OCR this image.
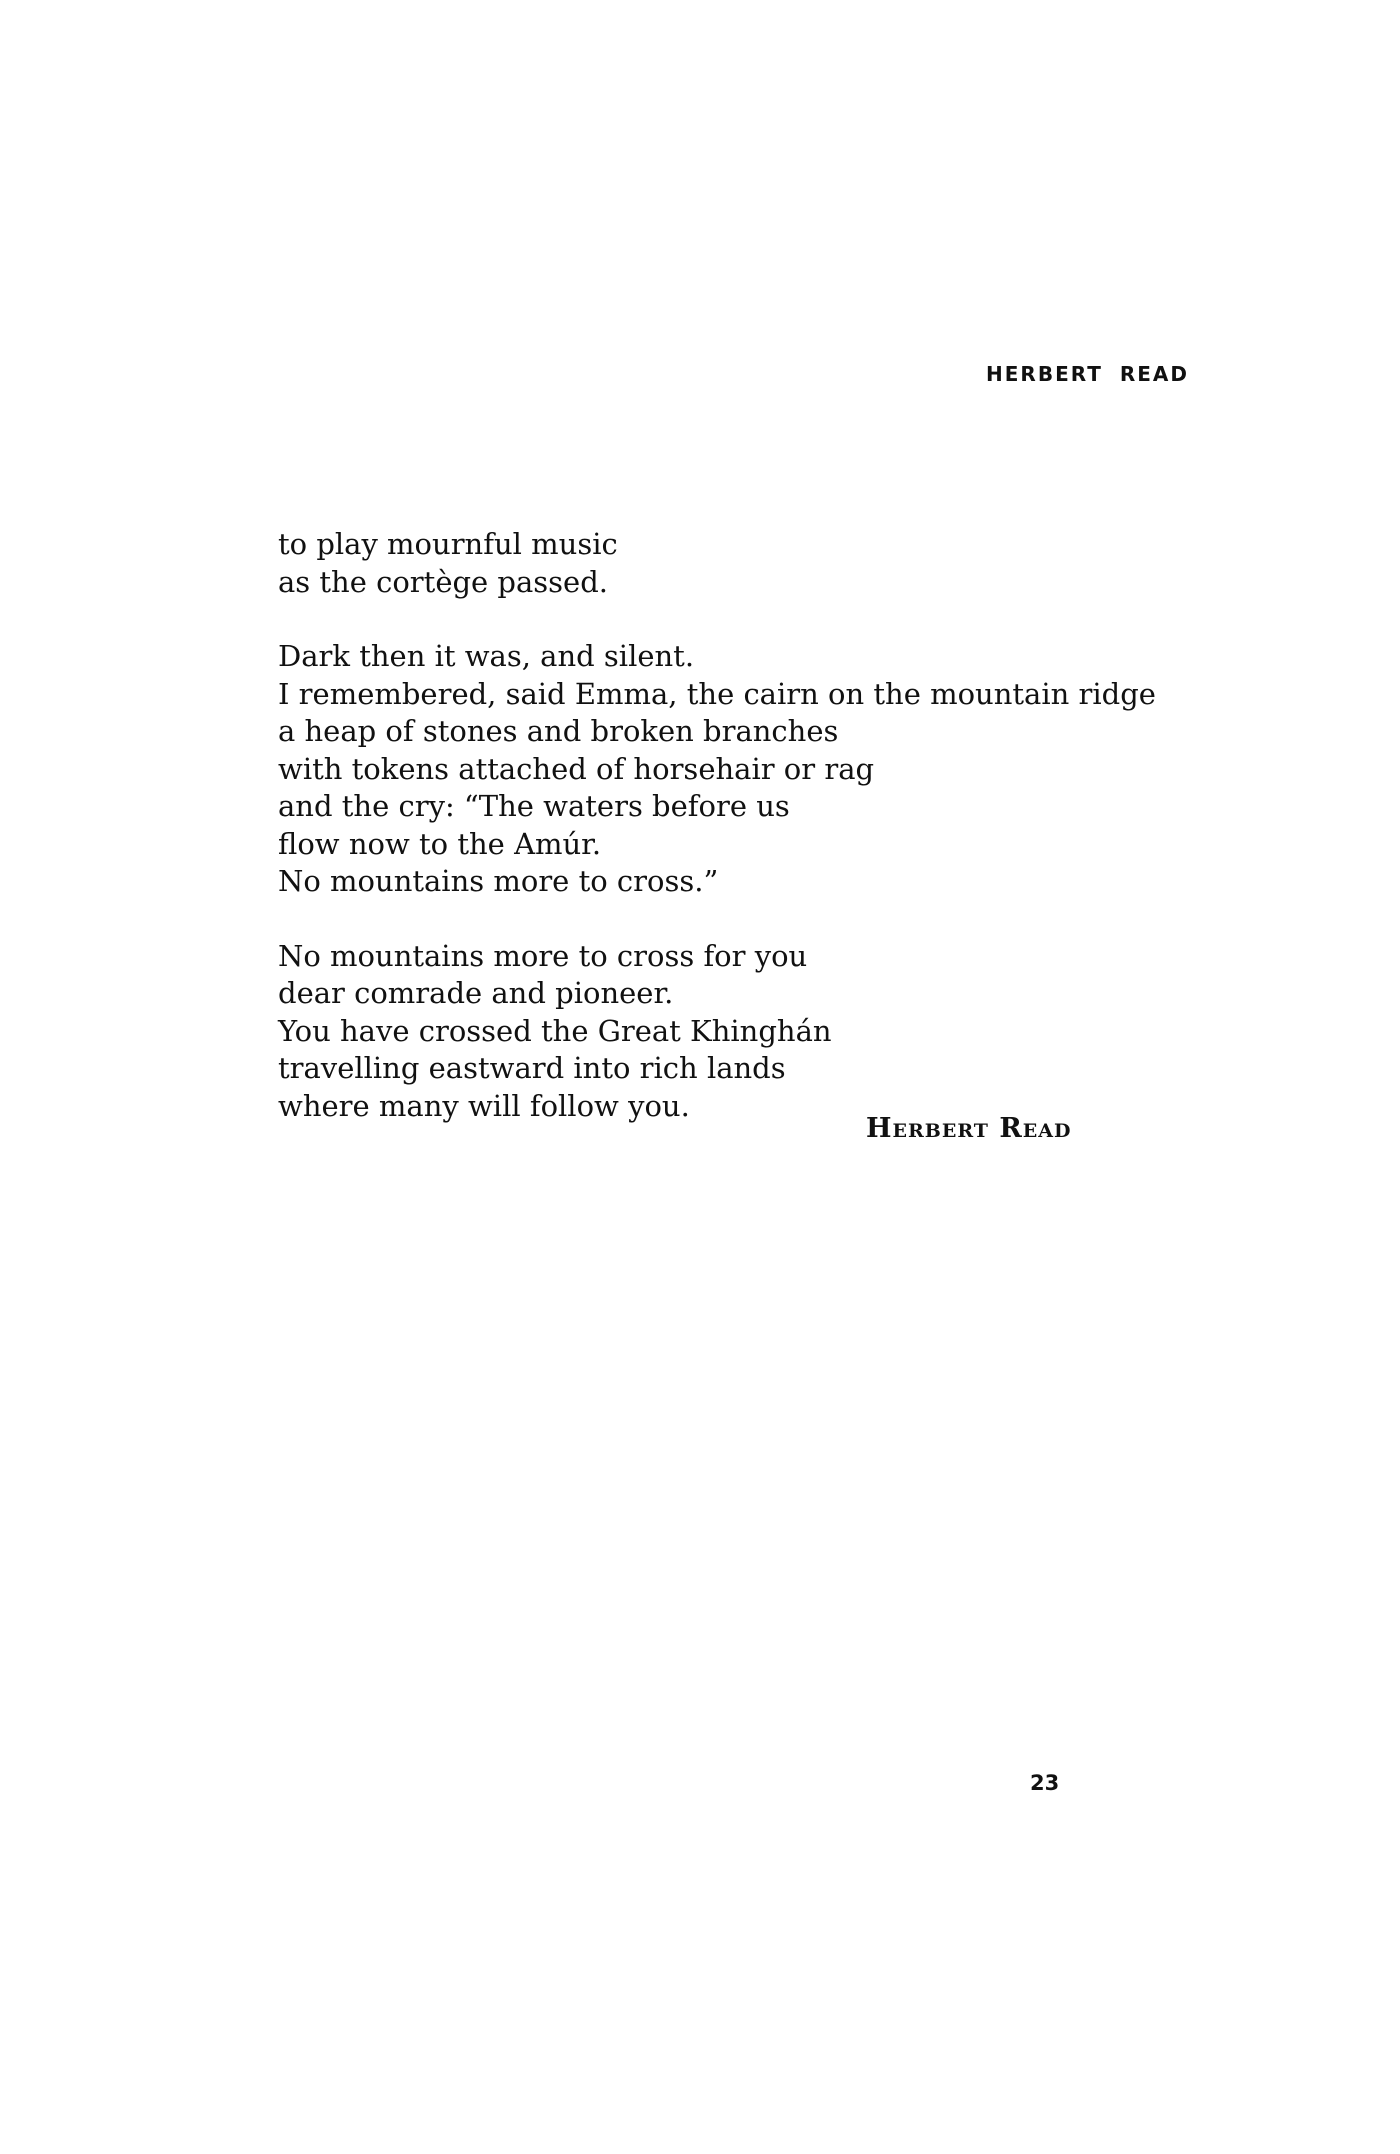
HERBERT READ
to play mournful music
as the cortège passed.
Dark then it was, and silent.
I remembered, said Emma, the cairn on the mountain ridge
a heap of stones and broken branches
with tokens attached of horsehair or rag
and the cry: “The waters before us
flow now to the Amúr.
No mountains more to cross.”
No mountains more to cross for you
dear comrade and pioneer.
You have crossed the Great Khinghán
travelling eastward into rich lands
where many will follow you.
Herbert Read
23
